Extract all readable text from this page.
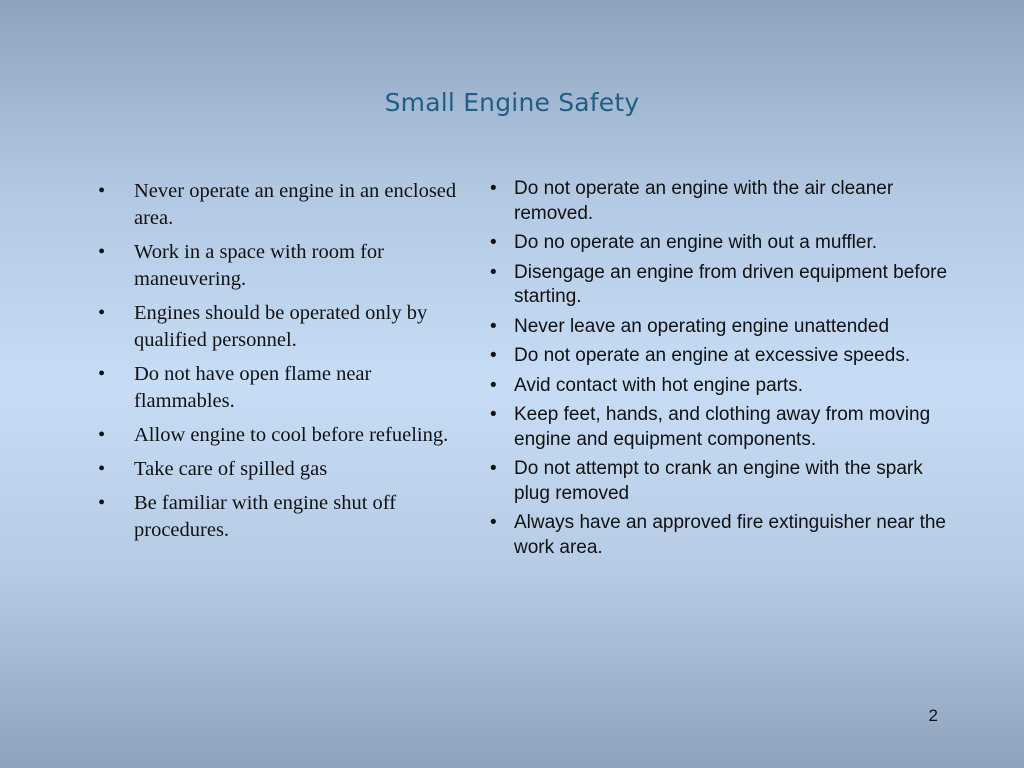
Small Engine Safety
• Never operate an engine in an enclosed area.
• Work in a space with room for maneuvering.
• Engines should be operated only by qualified personnel.
• Do not have open flame near flammables.
• Allow engine to cool before refueling.
• Take care of spilled gas
• Be familiar with engine shut off procedures.
• Do not operate an engine with the air cleaner removed.
• Do no operate an engine with out a muffler.
• Disengage an engine from driven equipment before starting.
• Never leave an operating engine unattended
• Do not operate an engine at excessive speeds.
• Avid contact with hot engine parts.
• Keep feet, hands, and clothing away from moving engine and equipment components.
• Do not attempt to crank an engine with the spark plug removed
• Always have an approved fire extinguisher near the work area.
2
